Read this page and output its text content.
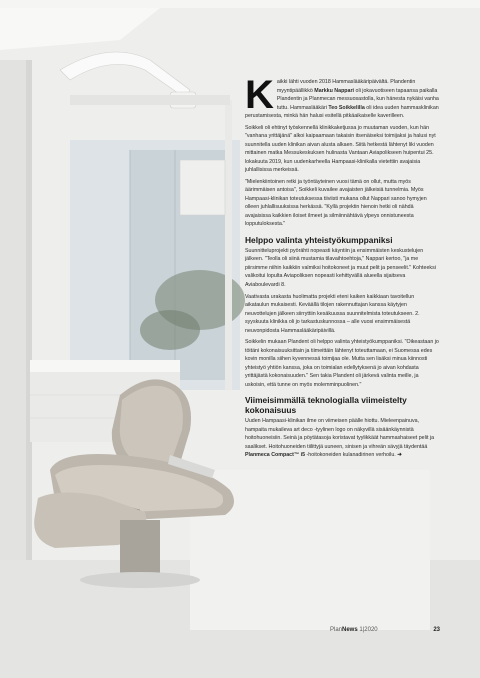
Kaikki lähti vuoden 2018 Hammaslääkäripäivältä. Plandentin myyntipäällikkö Markku Nappari oli jokavuotiseen tapaansa paikalla Plandentin ja Planmecan messuosastolla, kun hänesta nykäisi vanha tuttu. Hammaslääkäri Teo Soikkelilla oli idea uuden hammasklinikan perustamisesta, minkä hän halusi esitellä pitkäaikaiselle kaverilleen.

Soikkeli oli ehtinyt työskennellä klinikkaketjussa jo muutaman vuoden, kun hän "vanhana yrittäjänä" alkoi kaipaamaan takaisin itsenäiseksi toimijaksi ja halusi nyt suunnitella uuden klinikan aivan alusta alkaen. Siitä hetkestä lähtenyt liki vuoden mittainen matka Messukeskuksen hulinasta Vantaan Aviapolikseen huipentui 25. lokakuuta 2019, kun uudenkarheella Hampaasi-klinikalla vietettiin avajaisia juhlallisissa merkeissä.

"Mielenkiintoinen retki ja työntäyteinen vuosi tämä on ollut, mutta myös äärimmäisen antoisa", Soikkeli kuvailee avajaisten jälkeisiä tunnelmia. Myös Hampaasi-klinikan toteutuksessa tiiviisti mukana ollut Nappari sanoo hymyjen olleen juhlallisuuksissa herkässä. "Kyllä projektin hienoin hetki oli nähdä avajaisissa kaikkien iloiset ilmeet ja silmiinnähtävä ylpeys onnistuneesta lopputuloksesta."

Helppo valinta yhteistyökumppaniksi

Suunnitteluprojekti pyörähti nopeasti käyntiin ja ensimmäisten keskustelujen jälkeen. "Teolla oli siinä mustamia tilavaihtoehtoja," Nappari kertoo, "ja me piirsimme niihin kaikkiin valmiksi hoitokoneet ja muut pelit ja penseelit." Kohteeksi valikoitui lopulta Aviapoliksen nopeasti kehittyvällä alueella sijaitseva Aviaboulevardi 8.

Vaativasta urakasta huolimatta projekti eteni kaiken kaikkiaan tavoitellun aikataulun mukaisesti. Keväällä tilojen rakennuttajan kanssa käytyjen neuvottelujen jälkeen siirryttiin kesäkuussa suunnitelmista toteutukseen. 2. syyskuuta klinikka oli jo tarkastuskunnossa – alle vuosi ensimmäisestä neuvonpidosta Hammaslääkäripäivillä.

Soikkelin mukaan Plandent oli helppo valinta yhteistyökumppaniksi. "Oikeastaan jo töitäni kokonaisuuksittain ja tiimeittäin lähtenyt toteuttamaan, ei Suomessa edes kovin monilla siihen kyvennessä toimijaa ole. Mutta sen lisäksi minua kiinnosti yhteistyö yhtiön kanssa, joka on toimialan edellytyksenä jo aivan kohdasta yrittäjästä kokonaisuuden." Sen takia Plandent oli järkevä valinta meille, ja uskoisin, että tunne on myös molemminpuolinen."

Viimeisimmällä teknologialla viimeistelty kokonaisuus

Uuden Hampaasi-klinikan ilme on viimeisen päälle hiottu. Mieleenpainuva, hampaita mukaileva art deco -tyylinen logo on näkyvillä sisäänkäynnistä hoitohuoneisiin. Seinä ja pöytätasoja koristavat tyylikkäät hammashaiseet pelit ja saalikset. Hoitohuoneiden tiilittyjä uuneen, sinisen ja vihreän sävyjä täydentää Planmeca Compact™ i5 -hoitokoneiden kulanadirinen verhoilu. ➜

PlanNews 1|2020	23
